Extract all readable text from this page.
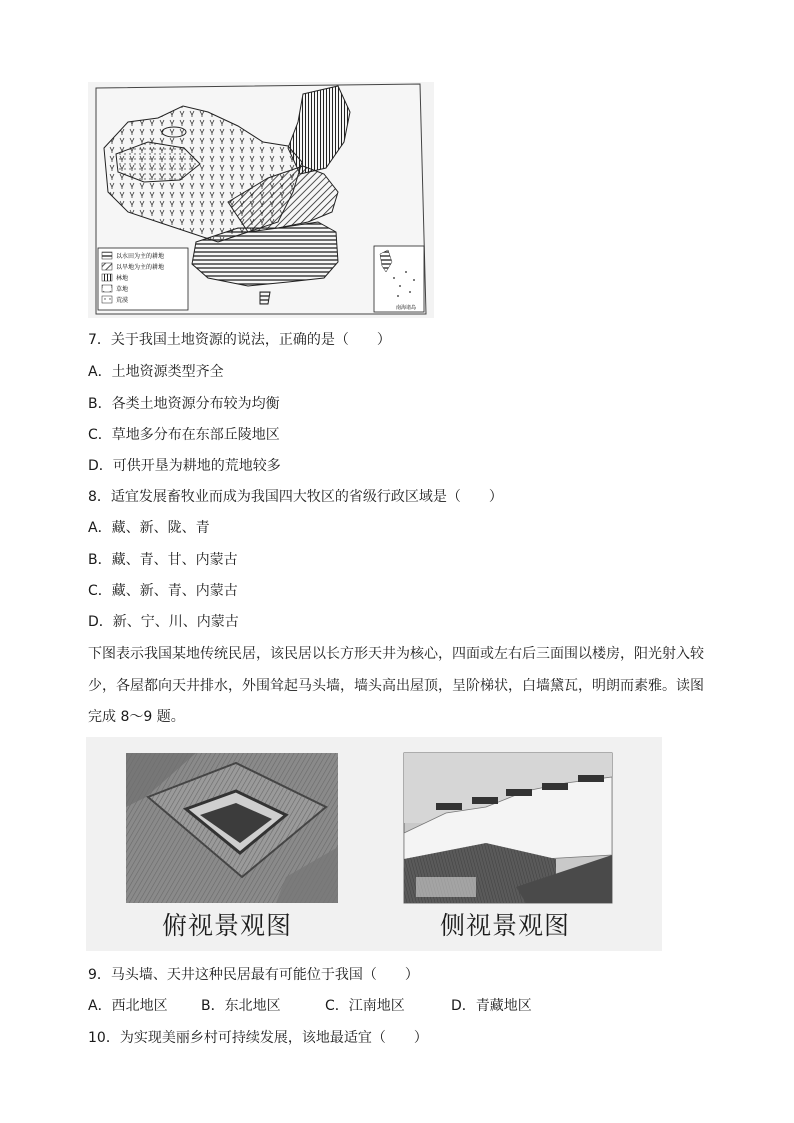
以水田为主的耕地
以旱地为主的耕地
林地
草地
荒漠
南海诸岛
7．关于我国土地资源的说法，正确的是（　　）
A．土地资源类型齐全
B．各类土地资源分布较为均衡
C．草地多分布在东部丘陵地区
D．可供开垦为耕地的荒地较多
8．适宜发展畜牧业而成为我国四大牧区的省级行政区域是（　　）
A．藏、新、陇、青
B．藏、青、甘、内蒙古
C．藏、新、青、内蒙古
D．新、宁、川、内蒙古
下图表示我国某地传统民居，该民居以长方形天井为核心，四面或左右后三面围以楼房，阳光射入较少，各屋都向天井排水，外围耸起马头墙，墙头高出屋顶，呈阶梯状，白墙黛瓦，明朗而素雅。读图完成 8～9 题。
俯视景观图	侧视景观图
9．马头墙、天井这种民居最有可能位于我国（　　）
A．西北地区 B．东北地区	C．江南地区	D．青藏地区
10．为实现美丽乡村可持续发展，该地最适宜（　　）
